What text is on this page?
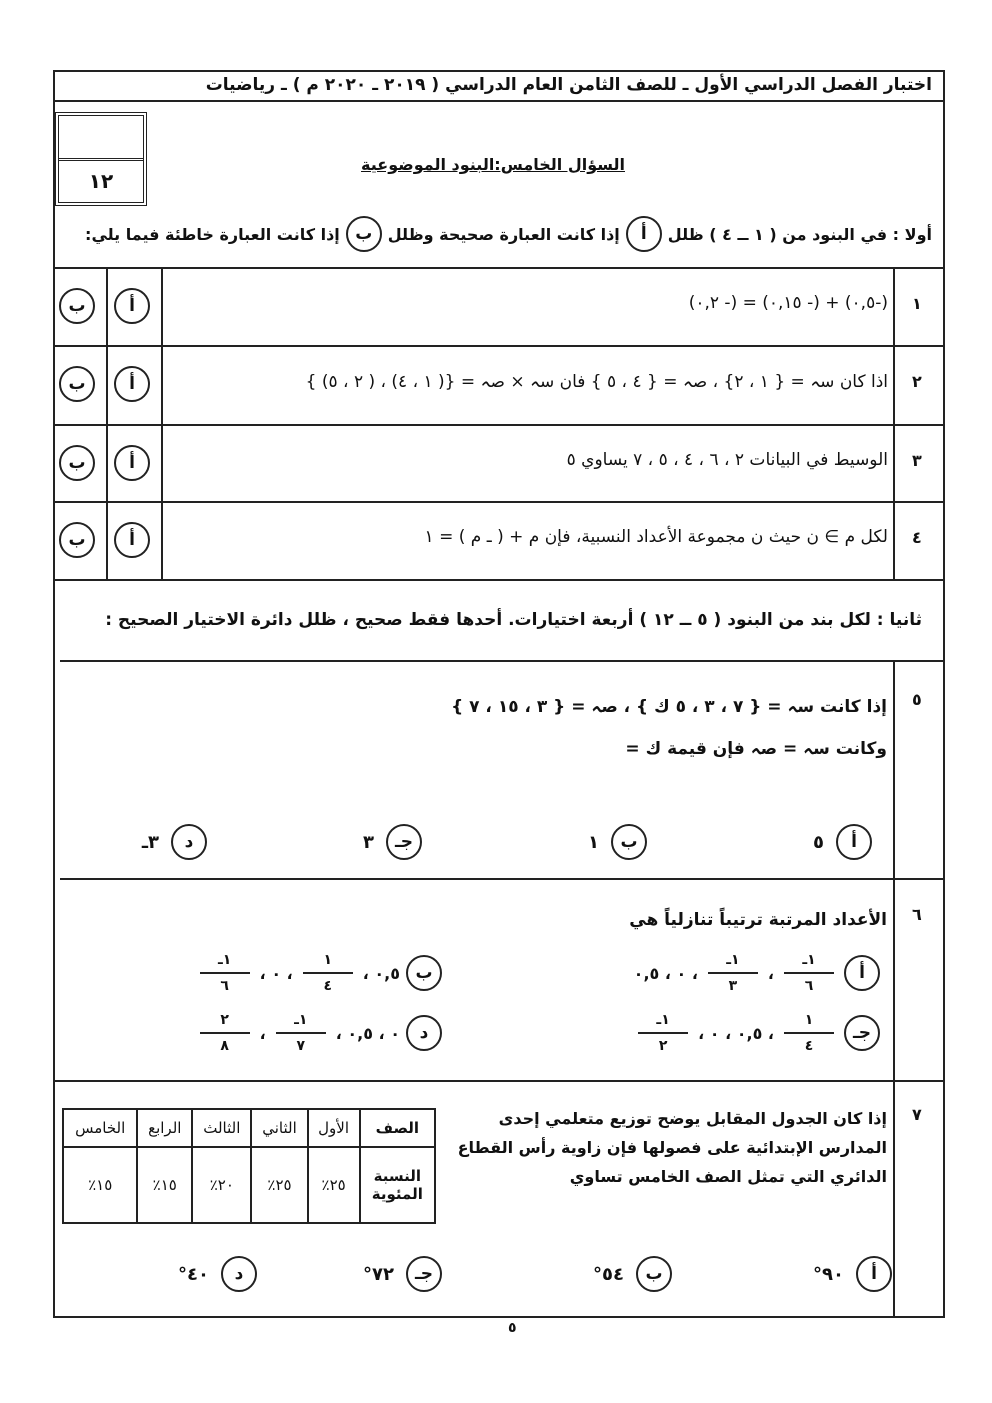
اختبار الفصل الدراسي الأول ـ للصف الثامن العام الدراسي ( ٢٠١٩ ـ ٢٠٢٠ م ) ـ رياضيات
١٢
السؤال الخامس:البنود الموضوعية
أولا : في البنود من ( ١ ــ ٤ ) ظلل
أ
إذا كانت العبارة صحيحة وظلل
ب
إذا كانت العبارة خاطئة فيما يلي:
١
(-٠,٥) + (- ٠,١٥) = (- ٠,٢)
أ
ب
٢
اذا كان سہ = { ١ ، ٢} ، صہ = { ٤ ، ٥ } فان سہ × صہ = {( ١ ، ٤) ، ( ٢ ، ٥) }
أ
ب
٣
الوسيط في البيانات ٢ ، ٦ ، ٤ ، ٥ ، ٧ يساوي ٥
أ
ب
٤
لكل م ∋ ن حيث ن مجموعة الأعداد النسبية، فإن م + ( ـ م ) = ١
أ
ب
ثانيا : لكل بند من البنود ( ٥ ــ ١٢ ) أربعة اختيارات. أحدها فقط صحيح ، ظلل دائرة الاختيار الصحيح :
٥
إذا كانت سہ = { ٧ ، ٣ ، ٥ ك } ، صہ = { ٣ ، ١٥ ، ٧ }
وكانت سہ = صہ فإن قيمة ك =
أ
٥
ب
١
جـ
٣
د
٣ـ
٦
الأعداد المرتبة ترتيباً تنازلياً هي
أ
$\frac{\text{١ـ}}{٦}$
،
$\frac{\text{١ـ}}{٣}$
، ٠ ، ٠,٥
ب
٠,٥ ،
$\frac{١}{٤}$
، ٠ ،
$\frac{\text{١ـ}}{٦}$
جـ
$\frac{١}{٤}$
، ٠,٥ ، ٠ ،
$\frac{\text{١ـ}}{٢}$
د
٠ ، ٠,٥ ،
$\frac{\text{١ـ}}{٧}$
،
$\frac{٢}{٨}$
٧
إذا كان الجدول المقابل يوضح توزيع متعلمي إحدى
المدارس الإبتدائية على فصولها فإن زاوية رأس القطاع
الدائري التي تمثل الصف الخامس تساوي
الصف	الأول	الثاني	الثالث	الرابع	الخامس

النسبة
المئوية	٢٥٪	٢٥٪	٢٠٪	١٥٪	١٥٪
أ
٩٠°
ب
٥٤°
جـ
٧٢°
د
٤٠°
٥
